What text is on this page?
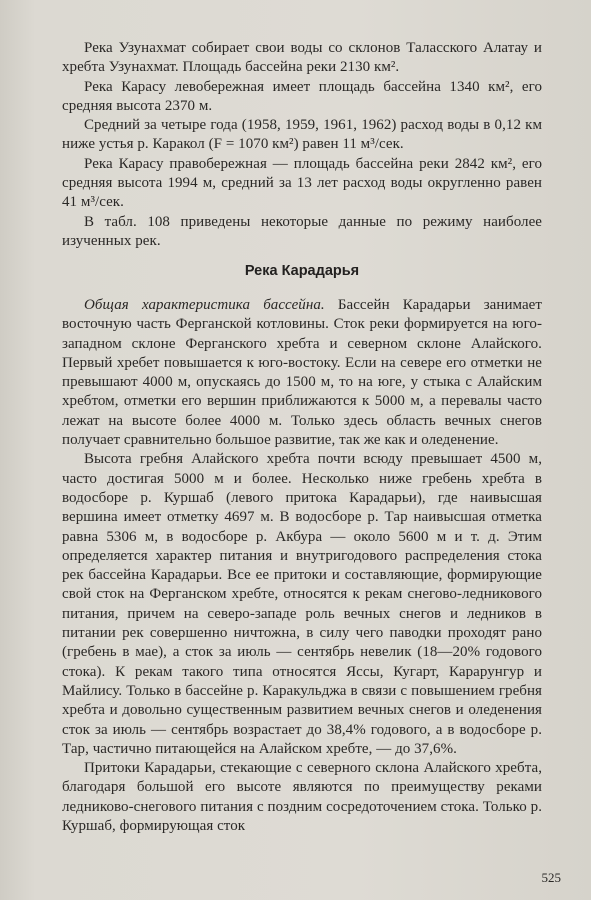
Река Узунахмат собирает свои воды со склонов Таласского Алатау и хребта Узунахмат. Площадь бассейна реки 2130 км².

Река Карасу левобережная имеет площадь бассейна 1340 км², его средняя высота 2370 м.

Средний за четыре года (1958, 1959, 1961, 1962) расход воды в 0,12 км ниже устья р. Каракол (F = 1070 км²) равен 11 м³/сек.

Река Карасу правобережная — площадь бассейна реки 2842 км², его средняя высота 1994 м, средний за 13 лет расход воды округленно равен 41 м³/сек.

В табл. 108 приведены некоторые данные по режиму наиболее изученных рек.

Река Карадарья

Общая характеристика бассейна. Бассейн Карадарьи занимает восточную часть Ферганской котловины. Сток реки формируется на юго-западном склоне Ферганского хребта и северном склоне Алайского. Первый хребет повышается к юго-востоку. Если на севере его отметки не превышают 4000 м, опускаясь до 1500 м, то на юге, у стыка с Алайским хребтом, отметки его вершин приближаются к 5000 м, а перевалы часто лежат на высоте более 4000 м. Только здесь область вечных снегов получает сравнительно большое развитие, так же как и оледенение.

Высота гребня Алайского хребта почти всюду превышает 4500 м, часто достигая 5000 м и более. Несколько ниже гребень хребта в водосборе р. Куршаб (левого притока Карадарьи), где наивысшая вершина имеет отметку 4697 м. В водосборе р. Тар наивысшая отметка равна 5306 м, в водосборе р. Акбура — около 5600 м и т. д. Этим определяется характер питания и внутригодового распределения стока рек бассейна Карадарьи. Все ее притоки и составляющие, формирующие свой сток на Ферганском хребте, относятся к рекам снегово-ледникового питания, причем на северо-западе роль вечных снегов и ледников в питании рек совершенно ничтожна, в силу чего паводки проходят рано (гребень в мае), а сток за июль — сентябрь невелик (18—20% годового стока). К рекам такого типа относятся Яссы, Кугарт, Карарунгур и Майлису. Только в бассейне р. Каракульджа в связи с повышением гребня хребта и довольно существенным развитием вечных снегов и оледенения сток за июль — сентябрь возрастает до 38,4% годового, а в водосборе р. Тар, частично питающейся на Алайском хребте, — до 37,6%.

Притоки Карадарьи, стекающие с северного склона Алайского хребта, благодаря большой его высоте являются по преимуществу реками ледниково-снегового питания с поздним сосредоточением стока. Только р. Куршаб, формирующая сток

525
